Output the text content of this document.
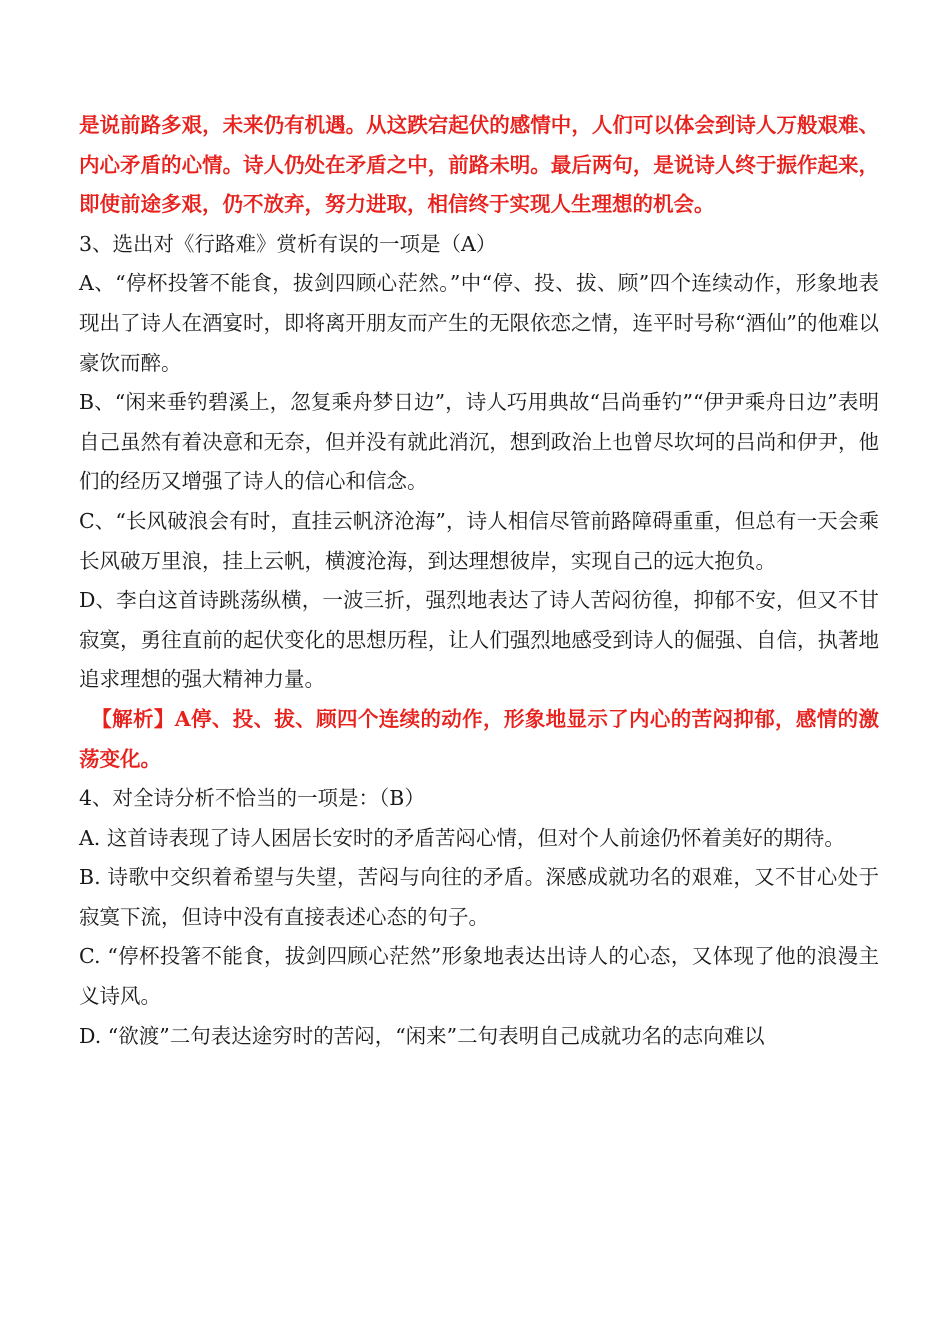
是说前路多艰，未来仍有机遇。从这跌宕起伏的感情中，人们可以体会到诗人万般艰难、内心矛盾的心情。诗人仍处在矛盾之中，前路未明。最后两句，是说诗人终于振作起来，即使前途多艰，仍不放弃，努力进取，相信终于实现人生理想的机会。

3、选出对《行路难》赏析有误的一项是（A）

A、“停杯投箸不能食，拔剑四顾心茫然。”中“停、投、拔、顾”四个连续动作，形象地表现出了诗人在酒宴时，即将离开朋友而产生的无限依恋之情，连平时号称“酒仙”的他难以豪饮而醉。

B、“闲来垂钓碧溪上，忽复乘舟梦日边”，诗人巧用典故“吕尚垂钓”“伊尹乘舟日边”表明自己虽然有着决意和无奈，但并没有就此消沉，想到政治上也曾尽坎坷的吕尚和伊尹，他们的经历又增强了诗人的信心和信念。

C、“长风破浪会有时，直挂云帆济沧海”，诗人相信尽管前路障碍重重，但总有一天会乘长风破万里浪，挂上云帆，横渡沧海，到达理想彼岸，实现自己的远大抱负。

D、李白这首诗跳荡纵横，一波三折，强烈地表达了诗人苦闷彷徨，抑郁不安，但又不甘寂寞，勇往直前的起伏变化的思想历程，让人们强烈地感受到诗人的倔强、自信，执著地追求理想的强大精神力量。

【解析】A停、投、拔、顾四个连续的动作，形象地显示了内心的苦闷抑郁，感情的激荡变化。

4、对全诗分析不恰当的一项是：（B）

A. 这首诗表现了诗人困居长安时的矛盾苦闷心情，但对个人前途仍怀着美好的期待。

B. 诗歌中交织着希望与失望，苦闷与向往的矛盾。深感成就功名的艰难，又不甘心处于寂寞下流，但诗中没有直接表述心态的句子。

C. “停杯投箸不能食，拔剑四顾心茫然”形象地表达出诗人的心态，又体现了他的浪漫主义诗风。

D. “欲渡”二句表达途穷时的苦闷，“闲来”二句表明自己成就功名的志向难以
